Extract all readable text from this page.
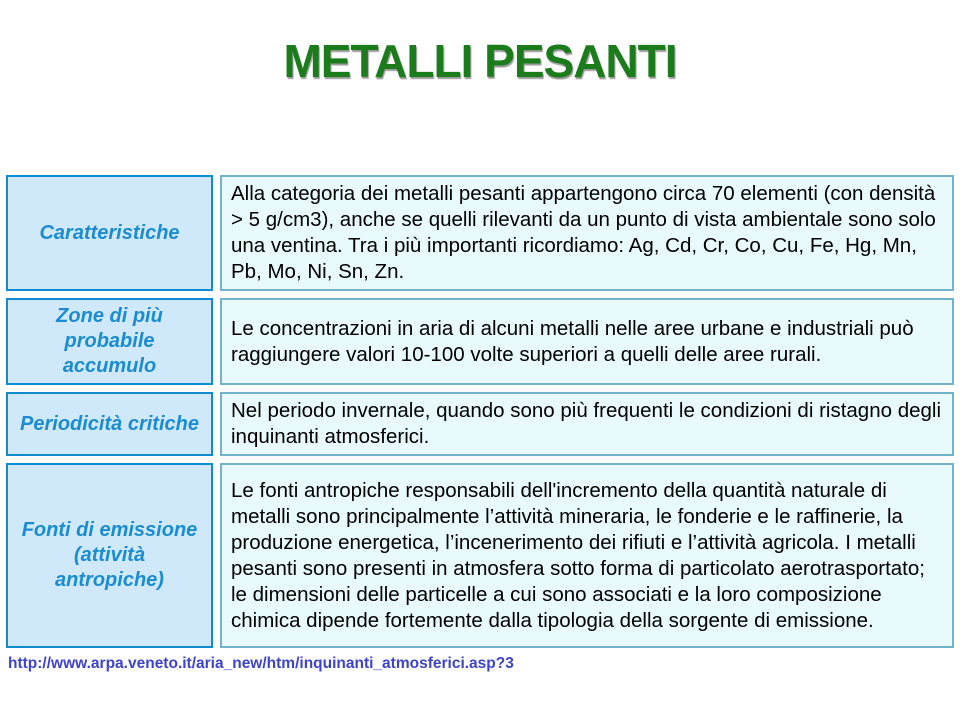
METALLI PESANTI
Caratteristiche
Alla categoria dei metalli pesanti appartengono circa 70 elementi (con densità > 5 g/cm3), anche se quelli rilevanti da un punto di vista ambientale sono solo una ventina. Tra i più importanti ricordiamo: Ag, Cd, Cr, Co, Cu, Fe, Hg, Mn, Pb, Mo, Ni, Sn, Zn.
Zone di più probabile accumulo
Le concentrazioni in aria di alcuni metalli nelle aree urbane e industriali può raggiungere valori 10-100 volte superiori a quelli delle aree rurali.
Periodicità critiche
Nel periodo invernale, quando sono più frequenti le condizioni di ristagno degli inquinanti atmosferici.
Fonti di emissione (attività antropiche)
Le fonti antropiche responsabili dell'incremento della quantità naturale di metalli sono principalmente l’attività mineraria, le fonderie e le raffinerie, la produzione energetica, l’incenerimento dei rifiuti e l’attività agricola. I metalli pesanti sono presenti in atmosfera sotto forma di particolato aerotrasportato; le dimensioni delle particelle a cui sono associati e la loro composizione chimica dipende fortemente dalla tipologia della sorgente di emissione.
http://www.arpa.veneto.it/aria_new/htm/inquinanti_atmosferici.asp?3
